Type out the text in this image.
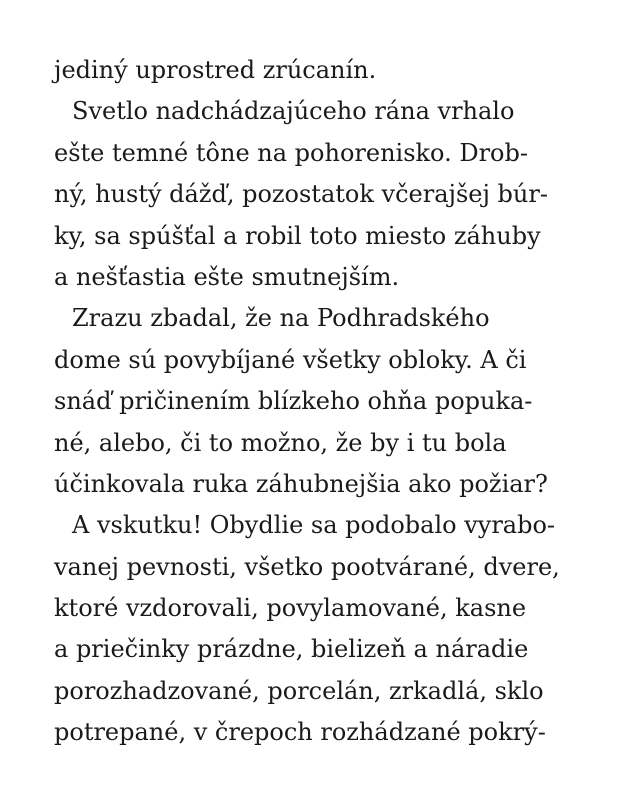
jediný uprostred zrúcanín.
Svetlo nadchádzajúceho rána vrhalo
ešte temné tône na pohorenisko. Drob-
ný, hustý dážď, pozostatok včerajšej búr-
ky, sa spúšťal a robil toto miesto záhuby
a nešťastia ešte smutnejším.
Zrazu zbadal, že na Podhradského
dome sú povybíjané všetky obloky. A či
snáď pričinením blízkeho ohňa popuka-
né, alebo, či to možno, že by i tu bola
účinkovala ruka záhubnejšia ako požiar?
A vskutku! Obydlie sa podobalo vyrabo-
vanej pevnosti, všetko pootvárané, dvere,
ktoré vzdorovali, povylamované, kasne
a priečinky prázdne, bielizeň a náradie
porozhadzované, porcelán, zrkadlá, sklo
potrepané, v črepoch rozhádzané pokrý-
